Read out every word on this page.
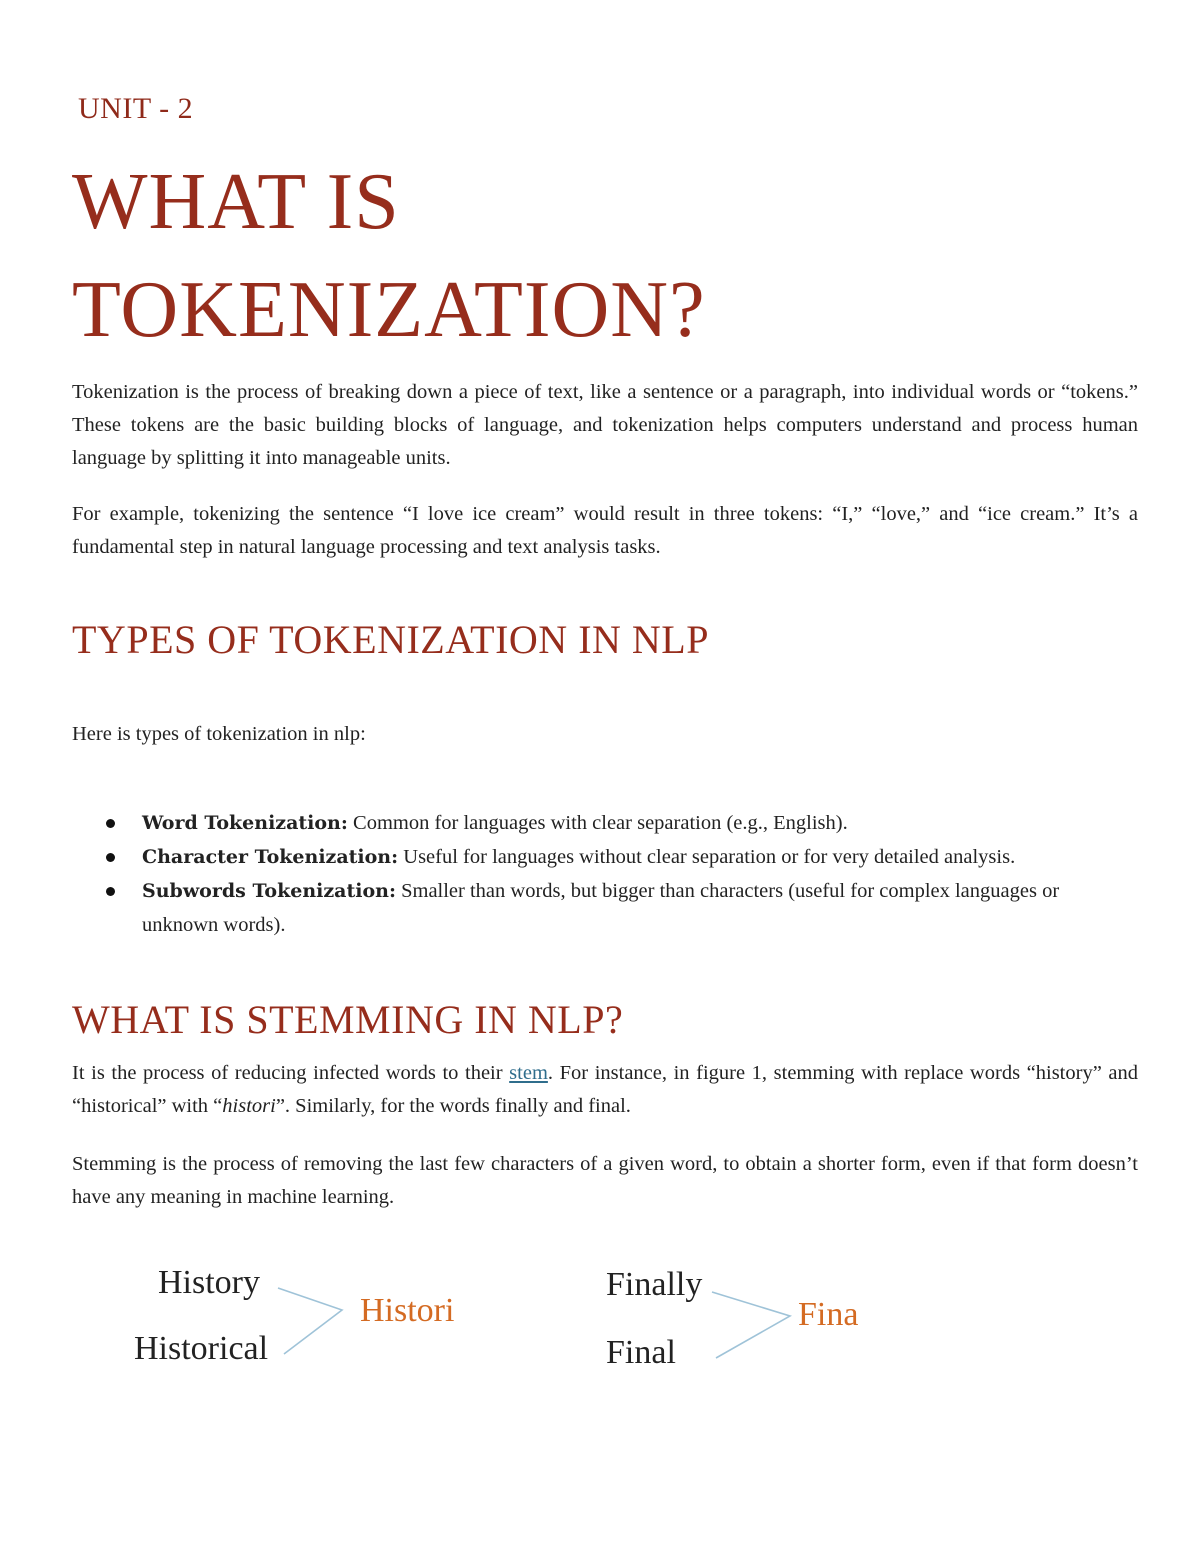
UNIT - 2
WHAT IS
TOKENIZATION?

Tokenization is the process of breaking down a piece of text, like a sentence or a paragraph, into individual words or “tokens.” These tokens are the basic building blocks of language, and tokenization helps computers understand and process human language by splitting it into manageable units.

For example, tokenizing the sentence “I love ice cream” would result in three tokens: “I,” “love,” and “ice cream.” It’s a fundamental step in natural language processing and text analysis tasks.

TYPES OF TOKENIZATION IN NLP

Here is types of tokenization in nlp:

Word Tokenization: Common for languages with clear separation (e.g., English).
Character Tokenization: Useful for languages without clear separation or for very detailed analysis.
Subwords Tokenization: Smaller than words, but bigger than characters (useful for complex languages or unknown words).
WHAT IS STEMMING IN NLP?

It is the process of reducing infected words to their stem. For instance, in figure 1, stemming with replace words “history” and “historical” with “histori”. Similarly, for the words finally and final.

Stemming is the process of removing the last few characters of a given word, to obtain a shorter form, even if that form doesn’t have any meaning in machine learning.

History
Historical
Histori
Finally
Final
Fina
